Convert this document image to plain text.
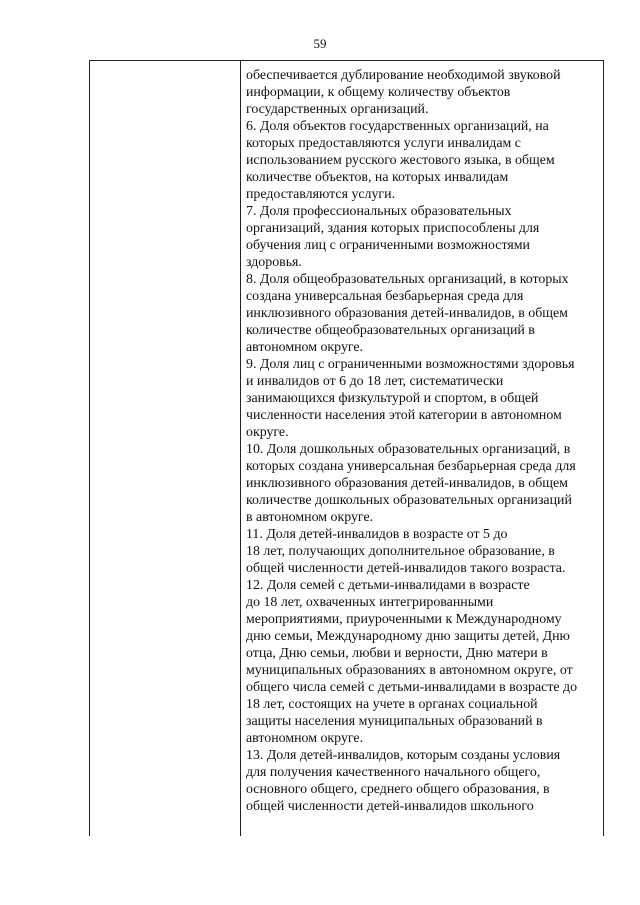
59
обеспечивается дублирование необходимой звуковой
информации, к общему количеству объектов
государственных организаций.
6. Доля объектов государственных организаций, на
которых предоставляются услуги инвалидам с
использованием русского жестового языка, в общем
количестве объектов, на которых инвалидам
предоставляются услуги.
7. Доля профессиональных образовательных
организаций, здания которых приспособлены для
обучения лиц с ограниченными возможностями
здоровья.
8. Доля общеобразовательных организаций, в которых
создана универсальная безбарьерная среда для
инклюзивного образования детей-инвалидов, в общем
количестве общеобразовательных организаций в
автономном округе.
9. Доля лиц с ограниченными возможностями здоровья
и инвалидов от 6 до 18 лет, систематически
занимающихся физкультурой и спортом, в общей
численности населения этой категории в автономном
округе.
10. Доля дошкольных образовательных организаций, в
которых создана универсальная безбарьерная среда для
инклюзивного образования детей-инвалидов, в общем
количестве дошкольных образовательных организаций
в автономном округе.
11. Доля детей-инвалидов в возрасте от 5 до
18 лет, получающих дополнительное образование, в
общей численности детей-инвалидов такого возраста.
12. Доля семей с детьми-инвалидами в возрасте
до 18 лет, охваченных интегрированными
мероприятиями, приуроченными к Международному
дню семьи, Международному дню защиты детей, Дню
отца, Дню семьи, любви и верности, Дню матери в
муниципальных образованиях в автономном округе, от
общего числа семей с детьми-инвалидами в возрасте до
18 лет, состоящих на учете в органах социальной
защиты населения муниципальных образований в
автономном округе.
13. Доля детей-инвалидов, которым созданы условия
для получения качественного начального общего,
основного общего, среднего общего образования, в
общей численности детей-инвалидов школьного
